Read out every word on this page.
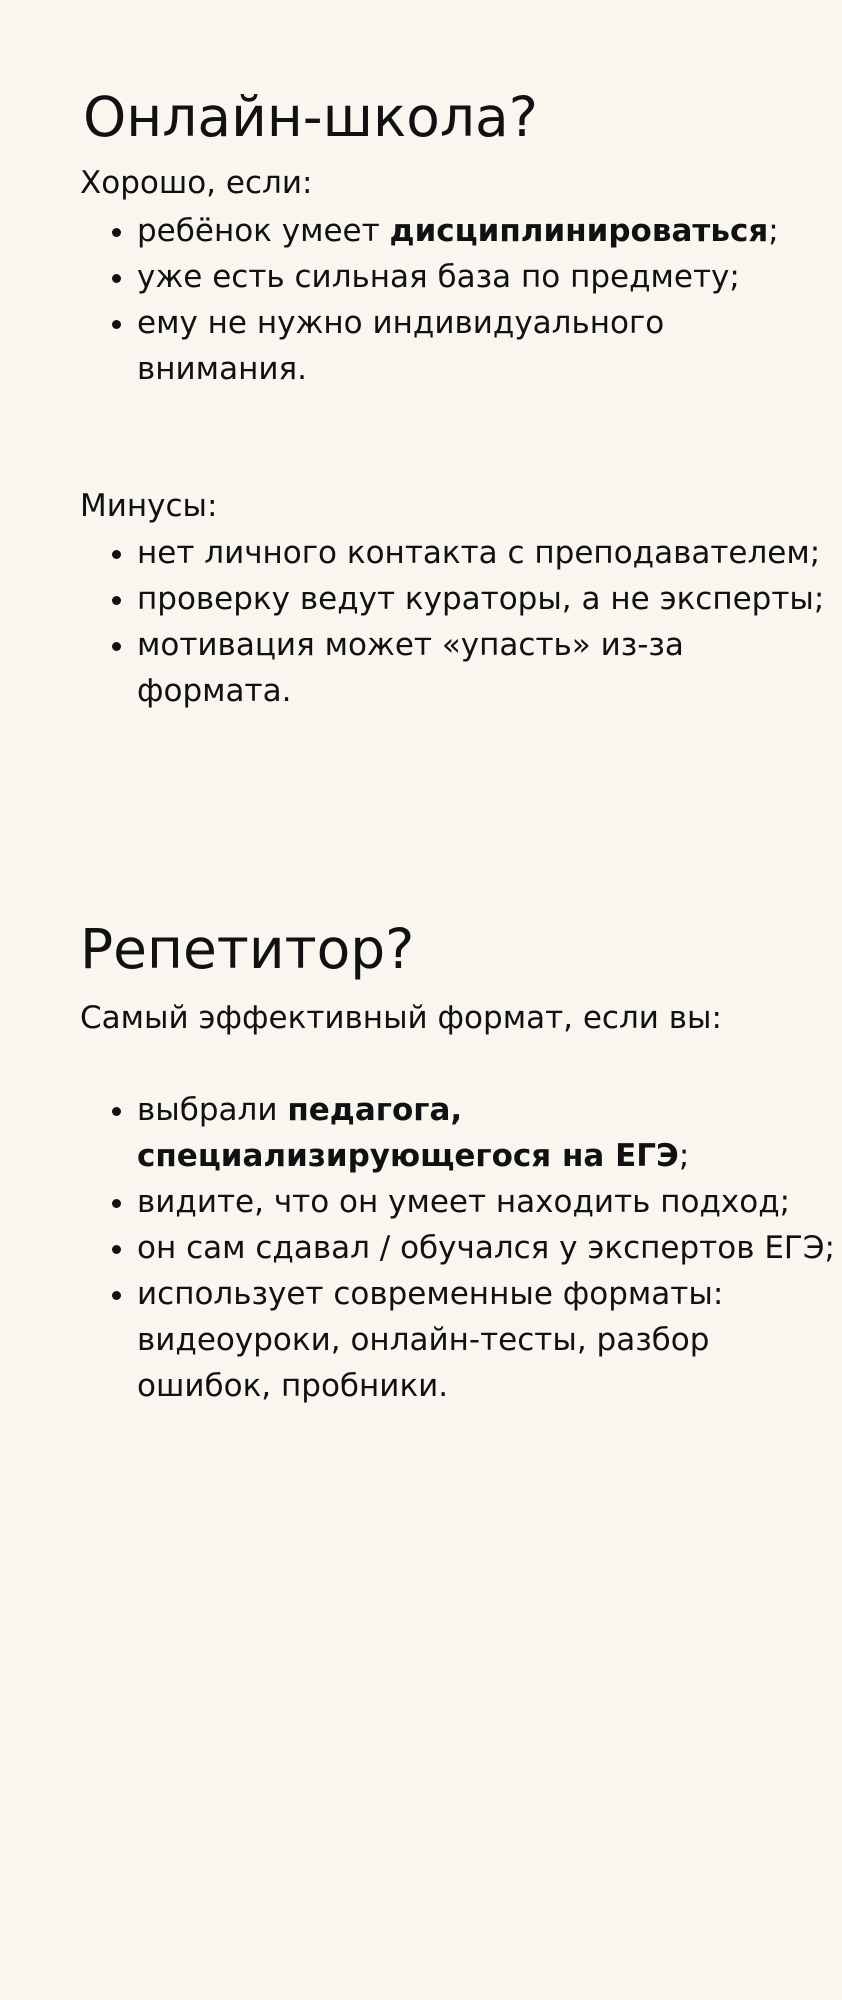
Онлайн-школа?

Хорошо, если:

• ребёнок умеет дисциплинироваться;
• уже есть сильная база по предмету;
• ему не нужно индивидуального внимания.

Минусы:

• нет личного контакта с преподавателем;
• проверку ведут кураторы, а не эксперты;
• мотивация может «упасть» из-за формата.
Репетитор?

Самый эффективный формат, если вы:

• выбрали педагога, специализирующегося на ЕГЭ;
• видите, что он умеет находить подход;
• он сам сдавал / обучался у экспертов ЕГЭ;
• использует современные форматы: видеоуроки, онлайн-тесты, разбор ошибок, пробники.
